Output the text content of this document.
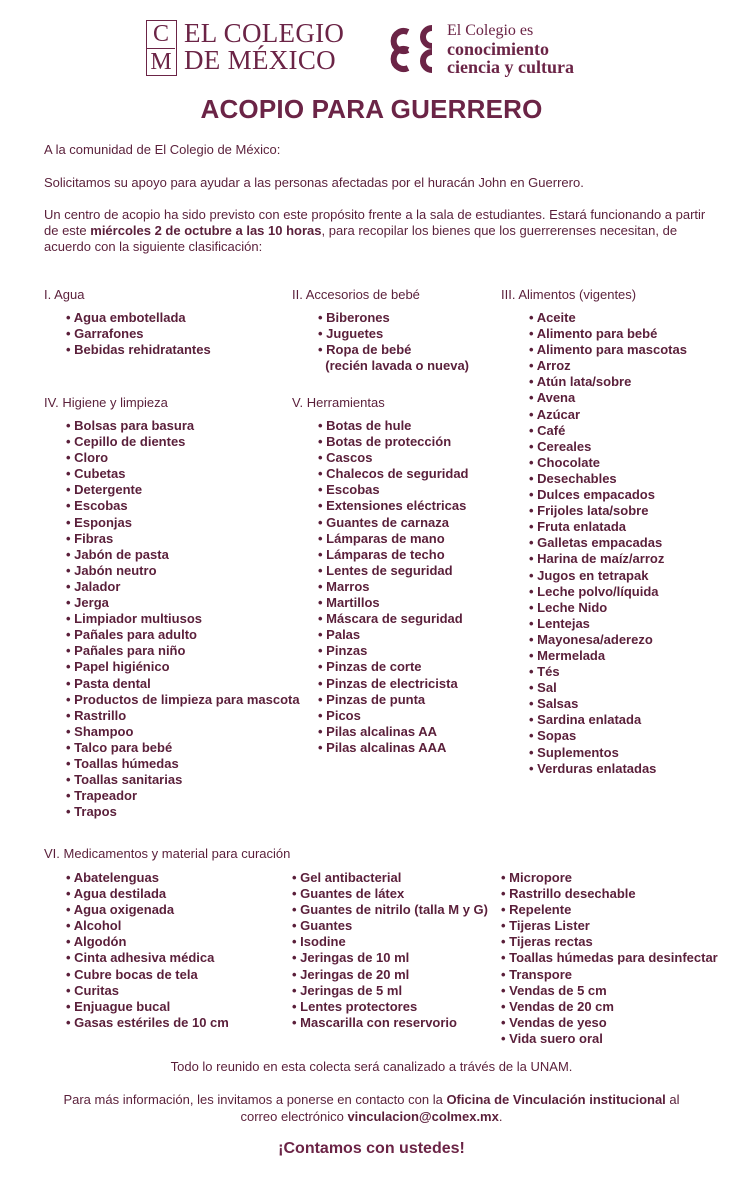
C
M
EL COLEGIO
DE MÉXICO
El Colegio es
conocimiento
ciencia y cultura
ACOPIO PARA GUERRERO

A la comunidad de El Colegio de México:

Solicitamos su apoyo para ayudar a las personas afectadas por el huracán John en Guerrero.

Un centro de acopio ha sido previsto con este propósito frente a la sala de estudiantes. Estará funcionando a partir de este miércoles 2 de octubre a las 10 horas, para recopilar los bienes que los guerrerenses necesitan, de acuerdo con la siguiente clasificación:

I. Agua
• Agua embotellada
• Garrafones
• Bebidas rehidratantes
II. Accesorios de bebé
• Biberones
• Juguetes
• Ropa de bebé
(recién lavada o nueva)
III. Alimentos (vigentes)
• Aceite
• Alimento para bebé
• Alimento para mascotas
• Arroz
• Atún lata/sobre
• Avena
• Azúcar
• Café
• Cereales
• Chocolate
• Desechables
• Dulces empacados
• Frijoles lata/sobre
• Fruta enlatada
• Galletas empacadas
• Harina de maíz/arroz
• Jugos en tetrapak
• Leche polvo/líquida
• Leche Nido
• Lentejas
• Mayonesa/aderezo
• Mermelada
• Tés
• Sal
• Salsas
• Sardina enlatada
• Sopas
• Suplementos
• Verduras enlatadas
IV. Higiene y limpieza
• Bolsas para basura
• Cepillo de dientes
• Cloro
• Cubetas
• Detergente
• Escobas
• Esponjas
• Fibras
• Jabón de pasta
• Jabón neutro
• Jalador
• Jerga
• Limpiador multiusos
• Pañales para adulto
• Pañales para niño
• Papel higiénico
• Pasta dental
• Productos de limpieza para mascota
• Rastrillo
• Shampoo
• Talco para bebé
• Toallas húmedas
• Toallas sanitarias
• Trapeador
• Trapos
V. Herramientas
• Botas de hule
• Botas de protección
• Cascos
• Chalecos de seguridad
• Escobas
• Extensiones eléctricas
• Guantes de carnaza
• Lámparas de mano
• Lámparas de techo
• Lentes de seguridad
• Marros
• Martillos
• Máscara de seguridad
• Palas
• Pinzas
• Pinzas de corte
• Pinzas de electricista
• Pinzas de punta
• Picos
• Pilas alcalinas AA
• Pilas alcalinas AAA
VI. Medicamentos y material para curación
• Abatelenguas
• Agua destilada
• Agua oxigenada
• Alcohol
• Algodón
• Cinta adhesiva médica
• Cubre bocas de tela
• Curitas
• Enjuague bucal
• Gasas estériles de 10 cm
• Gel antibacterial
• Guantes de látex
• Guantes de nitrilo (talla M y G)
• Guantes
• Isodine
• Jeringas de 10 ml
• Jeringas de 20 ml
• Jeringas de 5 ml
• Lentes protectores
• Mascarilla con reservorio
• Micropore
• Rastrillo desechable
• Repelente
• Tijeras Lister
• Tijeras rectas
• Toallas húmedas para desinfectar
• Transpore
• Vendas de 5 cm
• Vendas de 20 cm
• Vendas de yeso
• Vida suero oral
Todo lo reunido en esta colecta será canalizado a trávés de la UNAM.
Para más información, les invitamos a ponerse en contacto con la Oficina de Vinculación institucional al correo electrónico vinculacion@colmex.mx.
¡Contamos con ustedes!
